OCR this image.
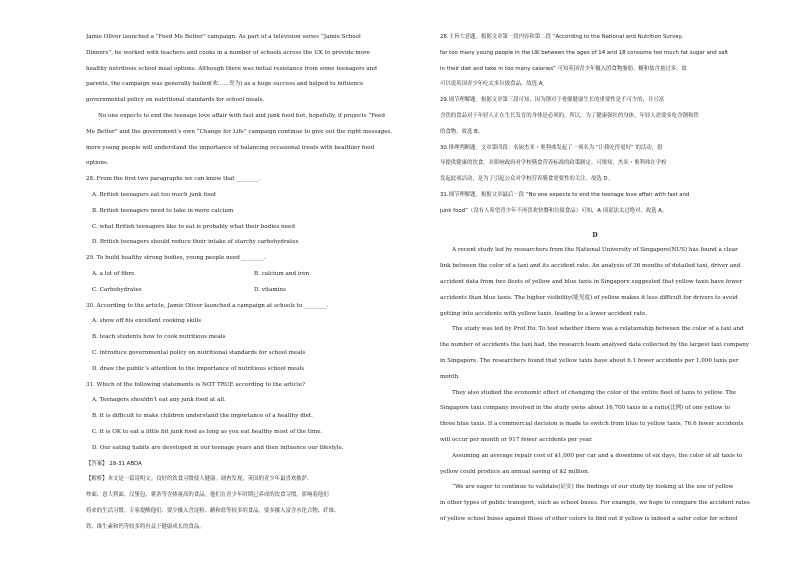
Jamie Oliver launched a “Feed Me Better” campaign. As part of a television series “Jamie School
Dinners”, he worked with teachers and cooks in a number of schools across the UK to provide more
healthy nutritious school meal options. Although there was initial resistance from some teenagers and
parents, the campaign was generally hailed(欢……誉为) as a huge success and helped to influence
governmental policy on nutritional standards for school meals.
No one expects to end the teenage love affair with fast and junk food but, hopefully, if projects “Feed
Me Better” and the government’s own “Change for Life” campaign continue to give out the right messages,
more young people will understand the importance of balancing occasional treats with healthier food
options.
28. From the first two paragraphs we can know that ________.
A. British teenagers eat too much junk food
B. British teenagers need to take in more calcium
C. what British teenagers like to eat is probably what their bodies need
D. British teenagers should reduce their intake of starchy carbohydrates
29. To build healthy strong bodies, young people need ________.
A. a lot of fibre	B. calcium and iron
C. Carbohydrates	D. vitamins
30. According to the article, Jamie Oliver launched a campaign at schools to ________.
A. show off his excellent cooking skills
B. teach students how to cook nutritious meals
C. introduce governmental policy on nutritional standards for school meals
D. draw the public’s attention to the importance of nutritious school meals
31. Which of the following statements is NOT TRUE according to the article?
A. Teenagers shouldn’t eat any junk food at all.
B. It is difficult to make children understand the importance of a healthy diet.
C. It is OK to eat a little bit junk food as long as you eat healthy most of the time.
D. Our eating habits are developed in our teenage years and then influence our lifestyle.
【答案】 28-31 ABDA
【解析】本文是一篇说明文。良好的饮食习惯使人健康。调查发现，英国的青少年最喜欢披萨、
炒面、意大利面、汉堡包、薯条等含热量高的食品。他们在青少年时期已养成的饮食习惯，影响着他们
将来的生活习惯。专家提醒他们：要少摄入含淀粉、糖和盐等较多的食品，要多摄入富含水化合物、纤维、
铁、维生素和钙等较多的有益于健康成长的食品。
28.主旨大意题。根据文章第一段内容和第二段 “According to the National and Nutrition Survey,
far too many young people in the UK between the ages of 14 and 18 consume too much fat sugar and salt
in their diet and take in too many calories” 可知英国青少年摄入的食物脂肪、糖和盐含量过多，故
可以说英国青少年吃太多垃圾食品。故选 A。
29.细节理解题。根据文章第三段可知，因为钢对于骨骼健康生长的重要性是不可少的，并且富
含铁的食品对于年轻人正在生长发育的身体是必须的。所以，为了健康强壮的身体，年轻人需要多吃含钢和铁
的食物。故选 B。
30.推理判断题。文章第四段：名厨杰米・奥利弗发起了一项名为 “让我吃得更好” 的活动，倡
导提供健康的饮食，并影响政府对学校膳食营养标准的政策制定。可推知，杰米・奥利弗在学校
发起此项活动，是为了引起公众对学校营养膳食重要性的关注。故选 D。
31.细节理解题。根据文章最后一段 “No one expects to end the teenage love affair with fast and
junk food”（没有人希望青少年不再喜欢快餐和垃圾食品）可知，A 项说法太过绝对。故选 A。
D
A recent study led by researchers from the National University of Singapore(NUS) has found a clear
link between the color of a taxi and its accident rate. An analysis of 36 months of detailed taxi, driver and
accident data from two fleets of yellow and blue taxis in Singapore suggested that yellow taxis have fewer
accidents than blue taxis. The higher visibility(能见度) of yellow makes it less difficult for drivers to avoid
getting into accidents with yellow taxis, leading to a lower accident rate.
The study was led by Prof Ho. To test whether there was a relationship between the color of a taxi and
the number of accidents the taxi had, the research team analysed data collected by the largest taxi company
in Singapore. The researchers found that yellow taxis have about 6.1 fewer accidents per 1,000 taxis per
month.
They also studied the economic effect of changing the color of the entire fleet of taxis to yellow. The
Singapore taxi company involved in the study owns about 16,700 taxis in a ratio(比例) of one yellow to
three blue taxis. If a commercial decision is made to switch from blue to yellow taxis, 76.6 fewer accidents
will occur per month or 917 fewer accidents per year.
Assuming an average repair cost of $1,000 per car and a downtime of six days, the color of all taxis to
yellow could produce an annual saving of $2 million.
“We are eager to continue to validate(证实) the findings of our study by looking at the use of yellow
in other types of public transport, such as school buses. For example, we hope to compare the accident rates
of yellow school buses against those of other colors to find out if yellow is indeed a safer color for school
